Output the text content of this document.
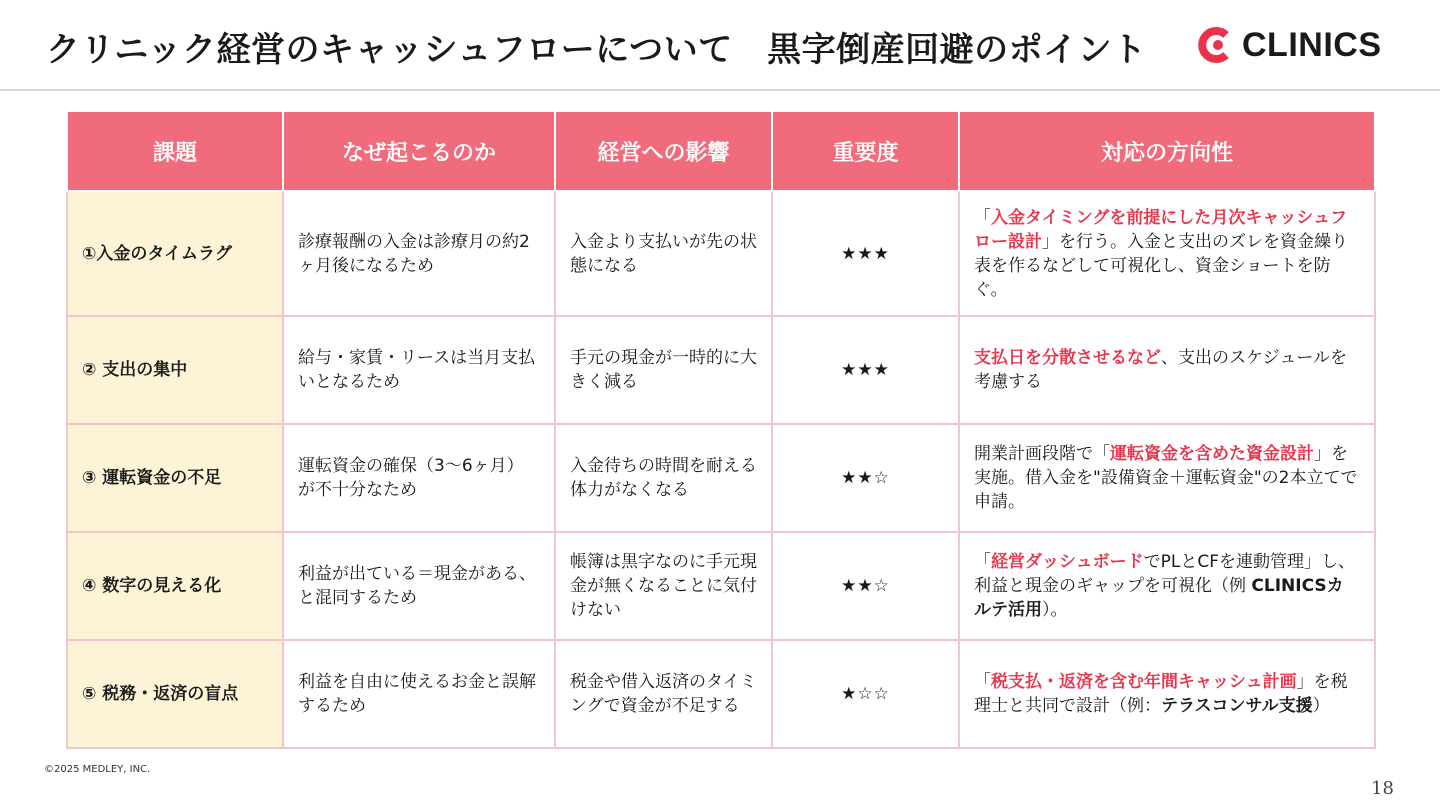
クリニック経営のキャッシュフローについて　黒字倒産回避のポイント	CLINICS
課題	なぜ起こるのか	経営への影響	重要度	対応の方向性
①入金のタイムラグ	診療報酬の入金は診療月の約2ヶ月後になるため	入金より支払いが先の状態になる	★★★	「入金タイミングを前提にした月次キャッシュフロー設計」を行う。入金と支出のズレを資金繰り表を作るなどして可視化し、資金ショートを防ぐ。
② 支出の集中	給与・家賃・リースは当月支払いとなるため	手元の現金が一時的に大きく減る	★★★	支払日を分散させるなど、支出のスケジュールを考慮する
③ 運転資金の不足	運転資金の確保（3〜6ヶ月）が不十分なため	入金待ちの時間を耐える体力がなくなる	★★☆	開業計画段階で「運転資金を含めた資金設計」を実施。借入金を"設備資金＋運転資金"の2本立てで申請。
④ 数字の見える化	利益が出ている＝現金がある、と混同するため	帳簿は黒字なのに手元現金が無くなることに気付けない	★★☆	「経営ダッシュボードでPLとCFを連動管理」し、利益と現金のギャップを可視化（例 CLINICSカルテ活用）。
⑤ 税務・返済の盲点	利益を自由に使えるお金と誤解するため	税金や借入返済のタイミングで資金が不足する	★☆☆	「税支払・返済を含む年間キャッシュ計画」を税理士と共同で設計（例：テラスコンサル支援）
©2025 MEDLEY, INC.
18
